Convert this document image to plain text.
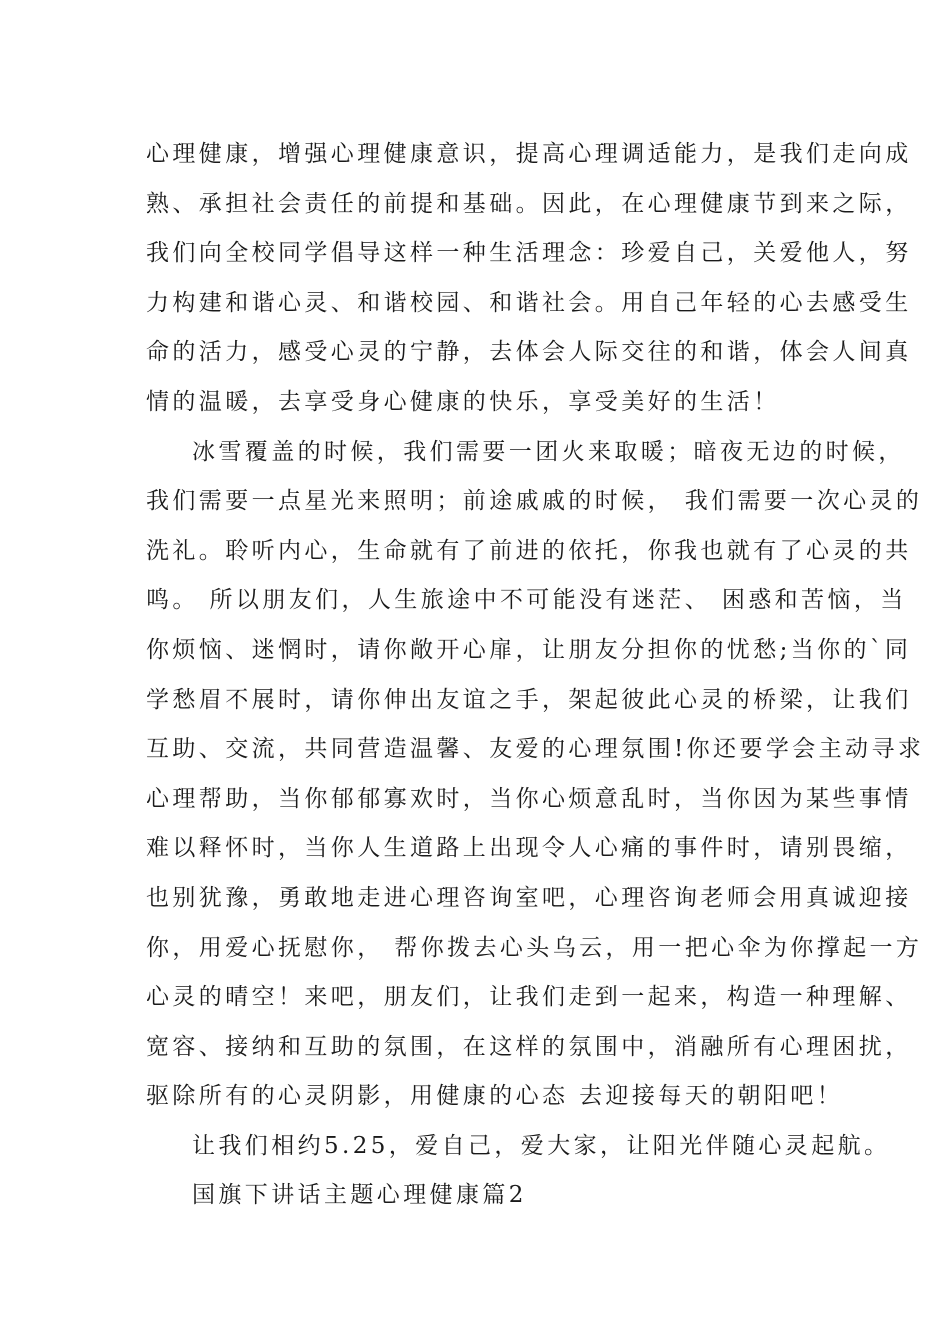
心理健康，增强心理健康意识，提高心理调适能力，是我们走向成
熟、承担社会责任的前提和基础。因此，在心理健康节到来之际，
我们向全校同学倡导这样一种生活理念：珍爱自己，关爱他人，努
力构建和谐心灵、和谐校园、和谐社会。用自己年轻的心去感受生
命的活力，感受心灵的宁静，去体会人际交往的和谐，体会人间真
情的温暖，去享受身心健康的快乐，享受美好的生活！
冰雪覆盖的时候，我们需要一团火来取暖；暗夜无边的时候，
我们需要一点星光来照明；前途戚戚的时候， 我们需要一次心灵的
洗礼。聆听内心，生命就有了前进的依托，你我也就有了心灵的共
鸣。 所以朋友们，人生旅途中不可能没有迷茫、 困惑和苦恼，当
你烦恼、迷惘时，请你敞开心扉，让朋友分担你的忧愁;当你的`同
学愁眉不展时，请你伸出友谊之手，架起彼此心灵的桥梁，让我们
互助、交流，共同营造温馨、友爱的心理氛围!你还要学会主动寻求
心理帮助，当你郁郁寡欢时，当你心烦意乱时，当你因为某些事情
难以释怀时，当你人生道路上出现令人心痛的事件时，请别畏缩，
也别犹豫，勇敢地走进心理咨询室吧，心理咨询老师会用真诚迎接
你，用爱心抚慰你， 帮你拨去心头乌云，用一把心伞为你撑起一方
心灵的晴空！来吧，朋友们，让我们走到一起来，构造一种理解、
宽容、接纳和互助的氛围，在这样的氛围中，消融所有心理困扰，
驱除所有的心灵阴影，用健康的心态 去迎接每天的朝阳吧！
让我们相约5.25，爱自己，爱大家，让阳光伴随心灵起航。
国旗下讲话主题心理健康篇2
